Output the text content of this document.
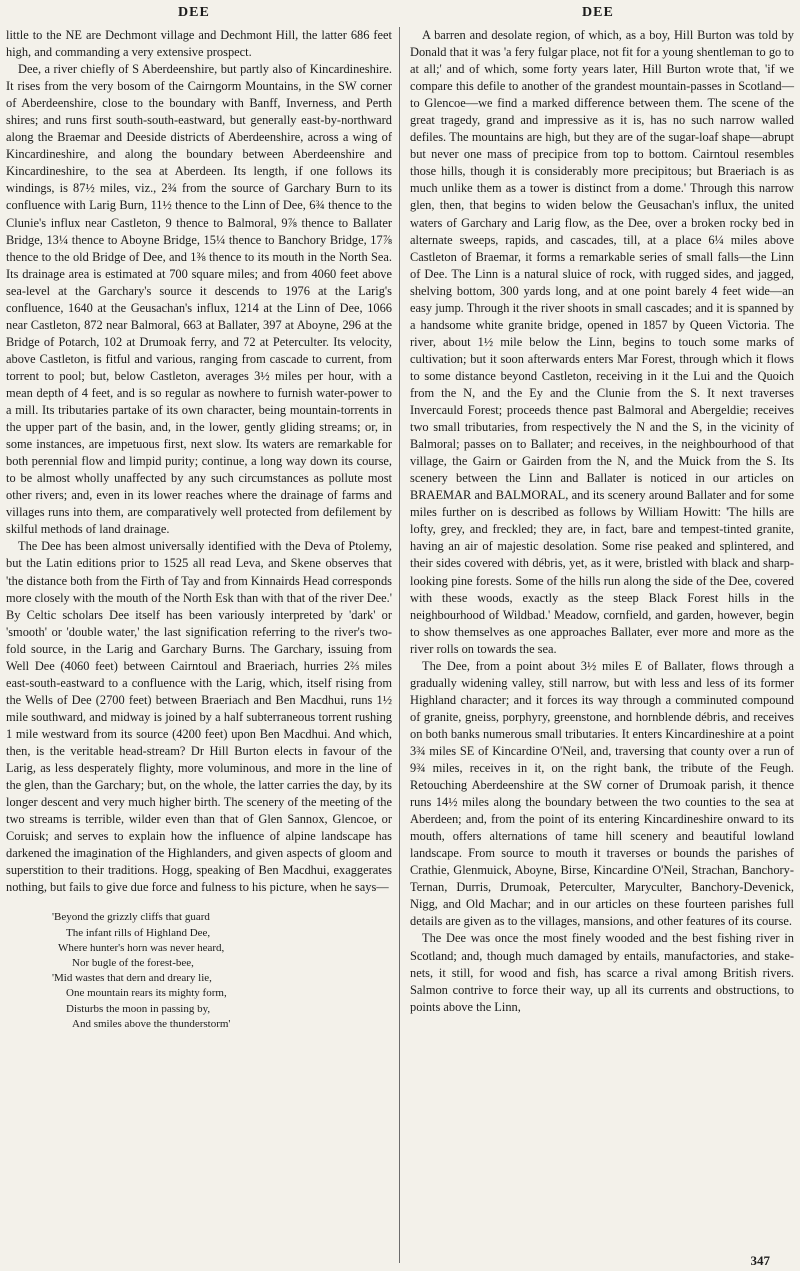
DEE	DEE

little to the NE are Dechmont village and Dechmont Hill, the latter 686 feet high, and commanding a very extensive prospect.

Dee, a river chiefly of S Aberdeenshire, but partly also of Kincardineshire. It rises from the very bosom of the Cairngorm Mountains, in the SW corner of Aberdeenshire, close to the boundary with Banff, Inverness, and Perth shires; and runs first south-south-eastward, but generally east-by-northward along the Braemar and Deeside districts of Aberdeenshire, across a wing of Kincardineshire, and along the boundary between Aberdeenshire and Kincardineshire, to the sea at Aberdeen. Its length, if one follows its windings, is 87½ miles, viz., 2¾ from the source of Garchary Burn to its confluence with Larig Burn, 11½ thence to the Linn of Dee, 6¾ thence to the Clunie's influx near Castleton, 9 thence to Balmoral, 9⅞ thence to Ballater Bridge, 13¼ thence to Aboyne Bridge, 15¼ thence to Banchory Bridge, 17⅞ thence to the old Bridge of Dee, and 1⅜ thence to its mouth in the North Sea. Its drainage area is estimated at 700 square miles; and from 4060 feet above sea-level at the Garchary's source it descends to 1976 at the Larig's confluence, 1640 at the Geusachan's influx, 1214 at the Linn of Dee, 1066 near Castleton, 872 near Balmoral, 663 at Ballater, 397 at Aboyne, 296 at the Bridge of Potarch, 102 at Drumoak ferry, and 72 at Peterculter. Its velocity, above Castleton, is fitful and various, ranging from cascade to current, from torrent to pool; but, below Castleton, averages 3½ miles per hour, with a mean depth of 4 feet, and is so regular as nowhere to furnish water-power to a mill. Its tributaries partake of its own character, being mountain-torrents in the upper part of the basin, and, in the lower, gently gliding streams; or, in some instances, are impetuous first, next slow. Its waters are remarkable for both perennial flow and limpid purity; continue, a long way down its course, to be almost wholly unaffected by any such circumstances as pollute most other rivers; and, even in its lower reaches where the drainage of farms and villages runs into them, are comparatively well protected from defilement by skilful methods of land drainage.

The Dee has been almost universally identified with the Deva of Ptolemy, but the Latin editions prior to 1525 all read Leva, and Skene observes that 'the distance both from the Firth of Tay and from Kinnairds Head corresponds more closely with the mouth of the North Esk than with that of the river Dee.' By Celtic scholars Dee itself has been variously interpreted by 'dark' or 'smooth' or 'double water,' the last signification referring to the river's two-fold source, in the Larig and Garchary Burns. The Garchary, issuing from Well Dee (4060 feet) between Cairntoul and Braeriach, hurries 2⅔ miles east-south-eastward to a confluence with the Larig, which, itself rising from the Wells of Dee (2700 feet) between Braeriach and Ben Macdhui, runs 1½ mile southward, and midway is joined by a half subterraneous torrent rushing 1 mile westward from its source (4200 feet) upon Ben Macdhui. And which, then, is the veritable head-stream? Dr Hill Burton elects in favour of the Larig, as less desperately flighty, more voluminous, and more in the line of the glen, than the Garchary; but, on the whole, the latter carries the day, by its longer descent and very much higher birth. The scenery of the meeting of the two streams is terrible, wilder even than that of Glen Sannox, Glencoe, or Coruisk; and serves to explain how the influence of alpine landscape has darkened the imagination of the Highlanders, and given aspects of gloom and superstition to their traditions. Hogg, speaking of Ben Macdhui, exaggerates nothing, but fails to give due force and fulness to his picture, when he says—

'Beyond the grizzly cliffs that guard
The infant rills of Highland Dee,
Where hunter's horn was never heard,
Nor bugle of the forest-bee,
'Mid wastes that dern and dreary lie,
One mountain rears its mighty form,
Disturbs the moon in passing by,
And smiles above the thunderstorm'

A barren and desolate region, of which, as a boy, Hill Burton was told by Donald that it was 'a fery fulgar place, not fit for a young shentleman to go to at all;' and of which, some forty years later, Hill Burton wrote that, 'if we compare this defile to another of the grandest mountain-passes in Scotland—to Glencoe—we find a marked difference between them. The scene of the great tragedy, grand and impressive as it is, has no such narrow walled defiles. The mountains are high, but they are of the sugar-loaf shape—abrupt but never one mass of precipice from top to bottom. Cairntoul resembles those hills, though it is considerably more precipitous; but Braeriach is as much unlike them as a tower is distinct from a dome.' Through this narrow glen, then, that begins to widen below the Geusachan's influx, the united waters of Garchary and Larig flow, as the Dee, over a broken rocky bed in alternate sweeps, rapids, and cascades, till, at a place 6¼ miles above Castleton of Braemar, it forms a remarkable series of small falls—the Linn of Dee. The Linn is a natural sluice of rock, with rugged sides, and jagged, shelving bottom, 300 yards long, and at one point barely 4 feet wide—an easy jump. Through it the river shoots in small cascades; and it is spanned by a handsome white granite bridge, opened in 1857 by Queen Victoria. The river, about 1½ mile below the Linn, begins to touch some marks of cultivation; but it soon afterwards enters Mar Forest, through which it flows to some distance beyond Castleton, receiving in it the Lui and the Quoich from the N, and the Ey and the Clunie from the S. It next traverses Invercauld Forest; proceeds thence past Balmoral and Abergeldie; receives two small tributaries, from respectively the N and the S, in the vicinity of Balmoral; passes on to Ballater; and receives, in the neighbourhood of that village, the Gairn or Gairden from the N, and the Muick from the S. Its scenery between the Linn and Ballater is noticed in our articles on BRAEMAR and BALMORAL, and its scenery around Ballater and for some miles further on is described as follows by William Howitt: 'The hills are lofty, grey, and freckled; they are, in fact, bare and tempest-tinted granite, having an air of majestic desolation. Some rise peaked and splintered, and their sides covered with débris, yet, as it were, bristled with black and sharp-looking pine forests. Some of the hills run along the side of the Dee, covered with these woods, exactly as the steep Black Forest hills in the neighbourhood of Wildbad.' Meadow, cornfield, and garden, however, begin to show themselves as one approaches Ballater, ever more and more as the river rolls on towards the sea.

The Dee, from a point about 3½ miles E of Ballater, flows through a gradually widening valley, still narrow, but with less and less of its former Highland character; and it forces its way through a comminuted compound of granite, gneiss, porphyry, greenstone, and hornblende débris, and receives on both banks numerous small tributaries. It enters Kincardineshire at a point 3¾ miles SE of Kincardine O'Neil, and, traversing that county over a run of 9¾ miles, receives in it, on the right bank, the tribute of the Feugh. Retouching Aberdeenshire at the SW corner of Drumoak parish, it thence runs 14½ miles along the boundary between the two counties to the sea at Aberdeen; and, from the point of its entering Kincardineshire onward to its mouth, offers alternations of tame hill scenery and beautiful lowland landscape. From source to mouth it traverses or bounds the parishes of Crathie, Glenmuick, Aboyne, Birse, Kincardine O'Neil, Strachan, Banchory-Ternan, Durris, Drumoak, Peterculter, Maryculter, Banchory-Devenick, Nigg, and Old Machar; and in our articles on these fourteen parishes full details are given as to the villages, mansions, and other features of its course.

The Dee was once the most finely wooded and the best fishing river in Scotland; and, though much damaged by entails, manufactories, and stake-nets, it still, for wood and fish, has scarce a rival among British rivers. Salmon contrive to force their way, up all its currents and obstructions, to points above the Linn,

347
